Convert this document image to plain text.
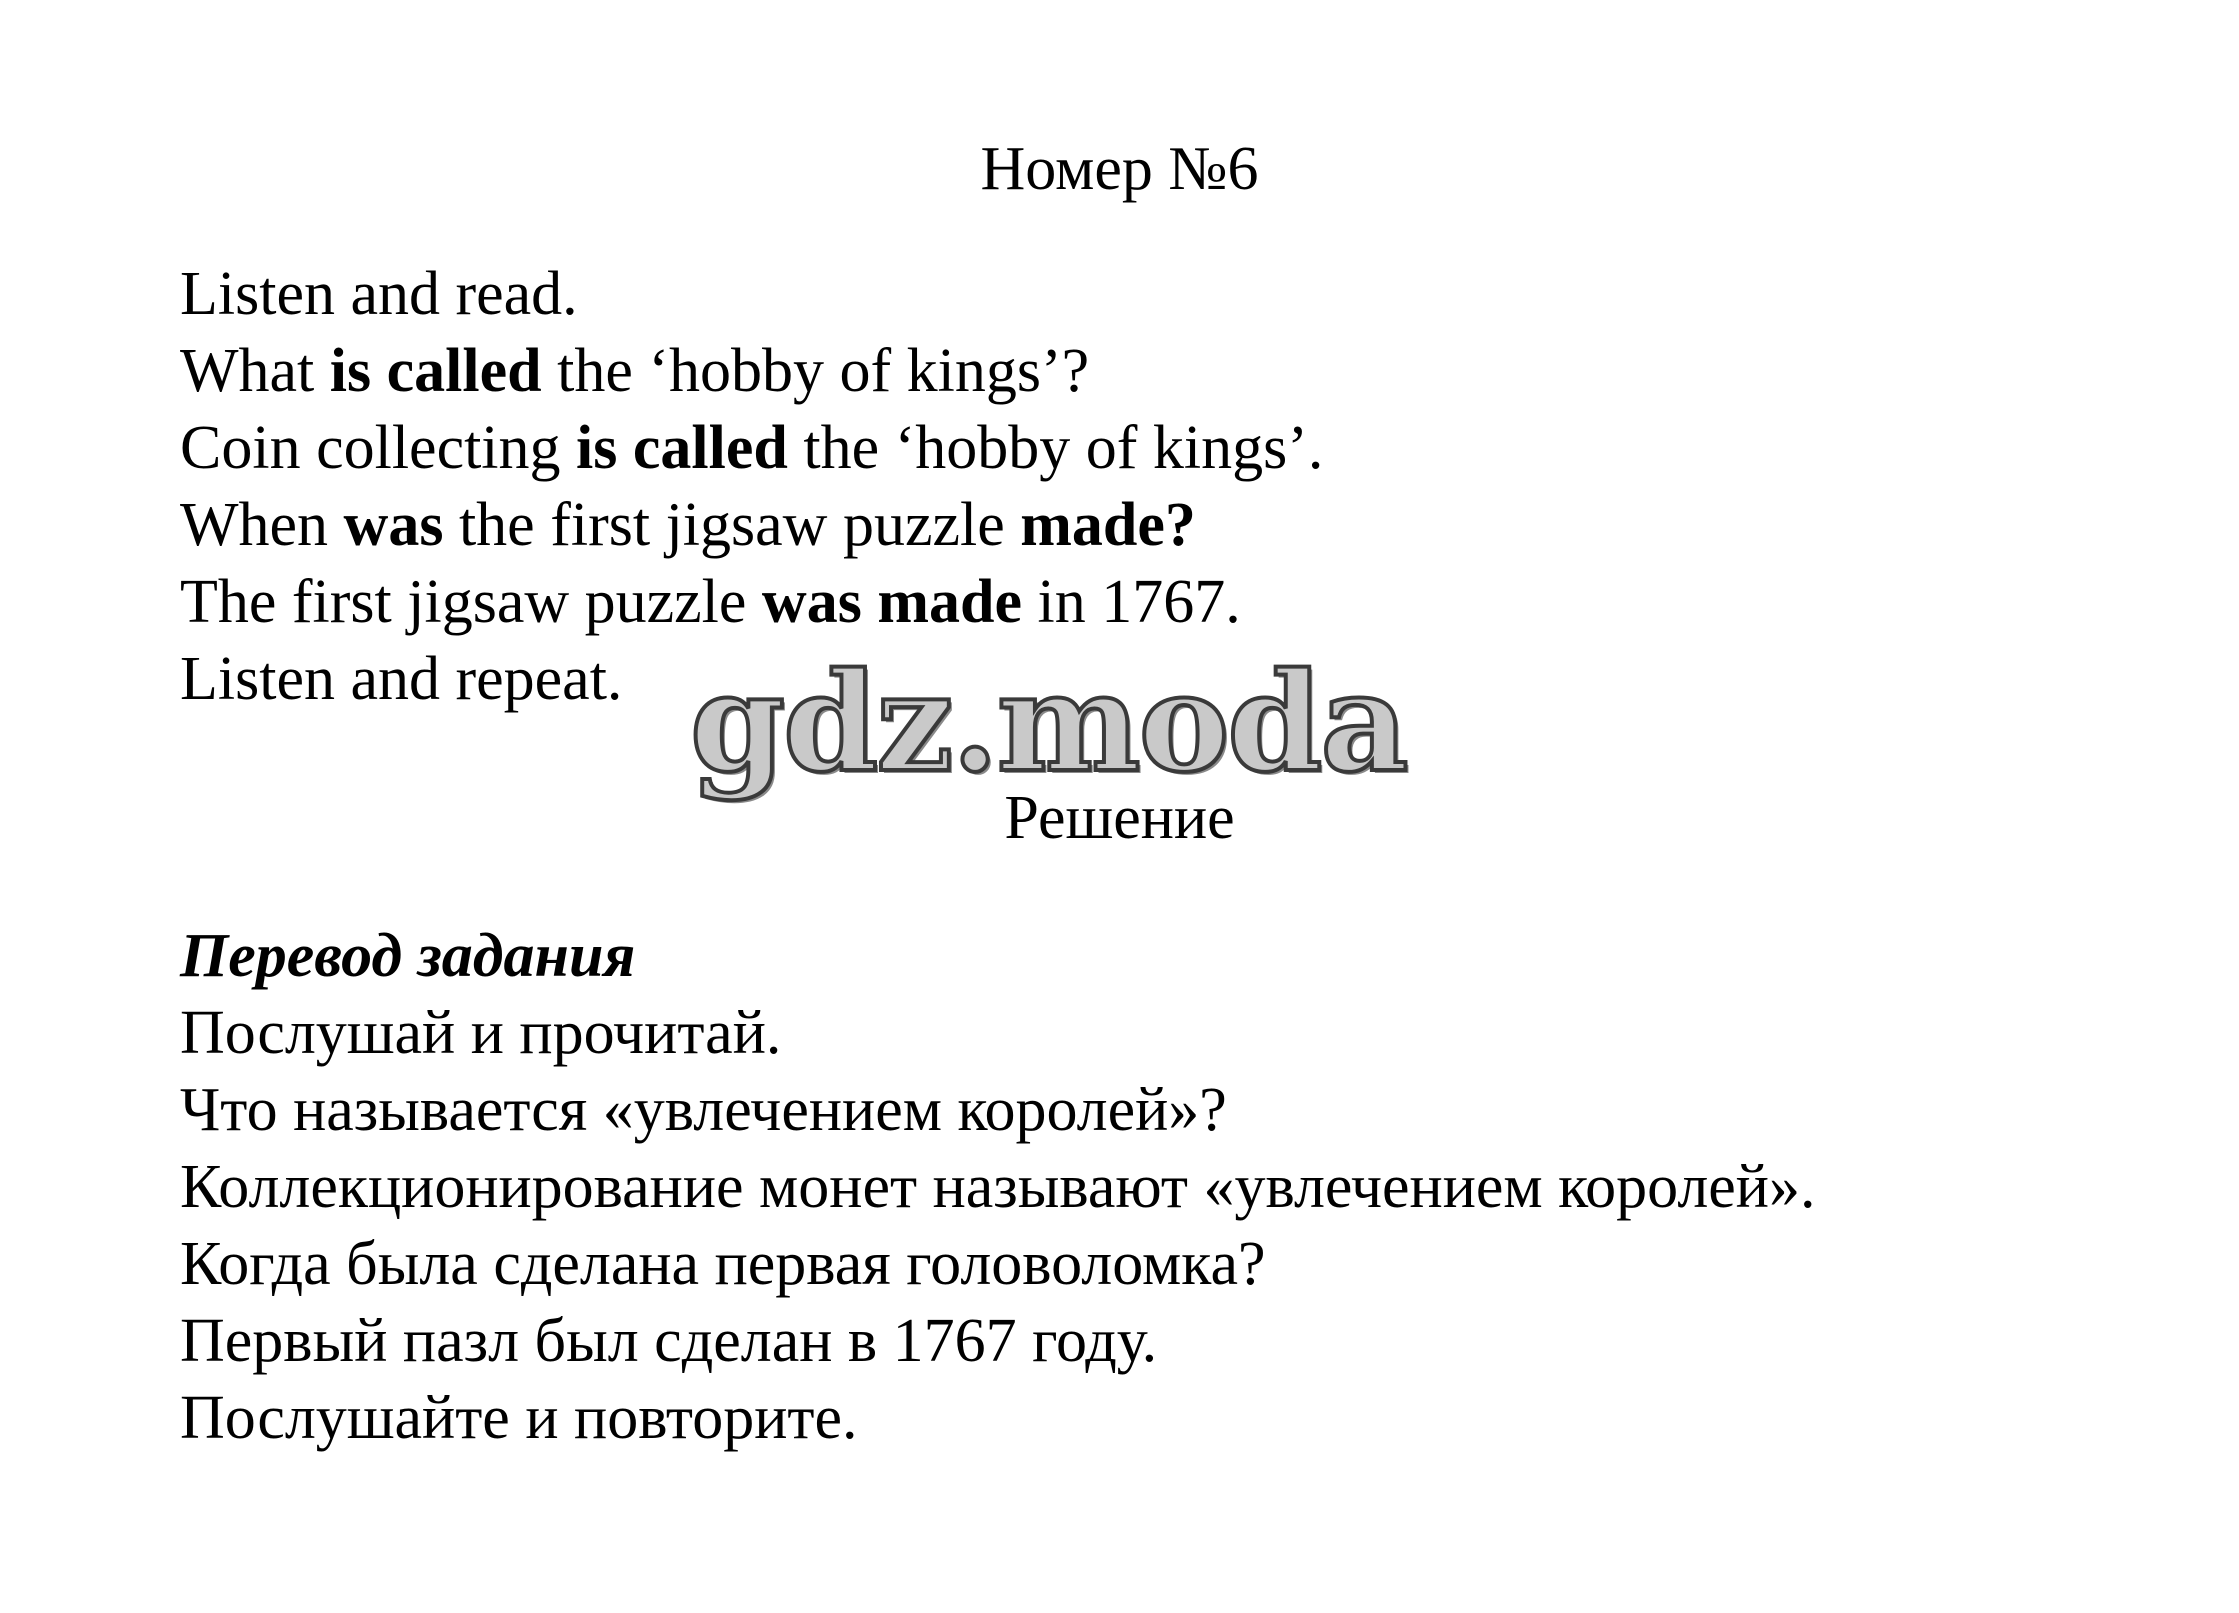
Номер №6
Listen and read.
What is called the ‘hobby of kings’?
Coin collecting is called the ‘hobby of kings’.
When was the first jigsaw puzzle made?
The first jigsaw puzzle was made in 1767.
Listen and repeat. gdz.moda
Решение
Перевод задания
Послушай и прочитай.
Что называется «увлечением королей»?
Коллекционирование монет называют «увлечением королей».
Когда была сделана первая головоломка?
Первый пазл был сделан в 1767 году.
Послушайте и повторите.
